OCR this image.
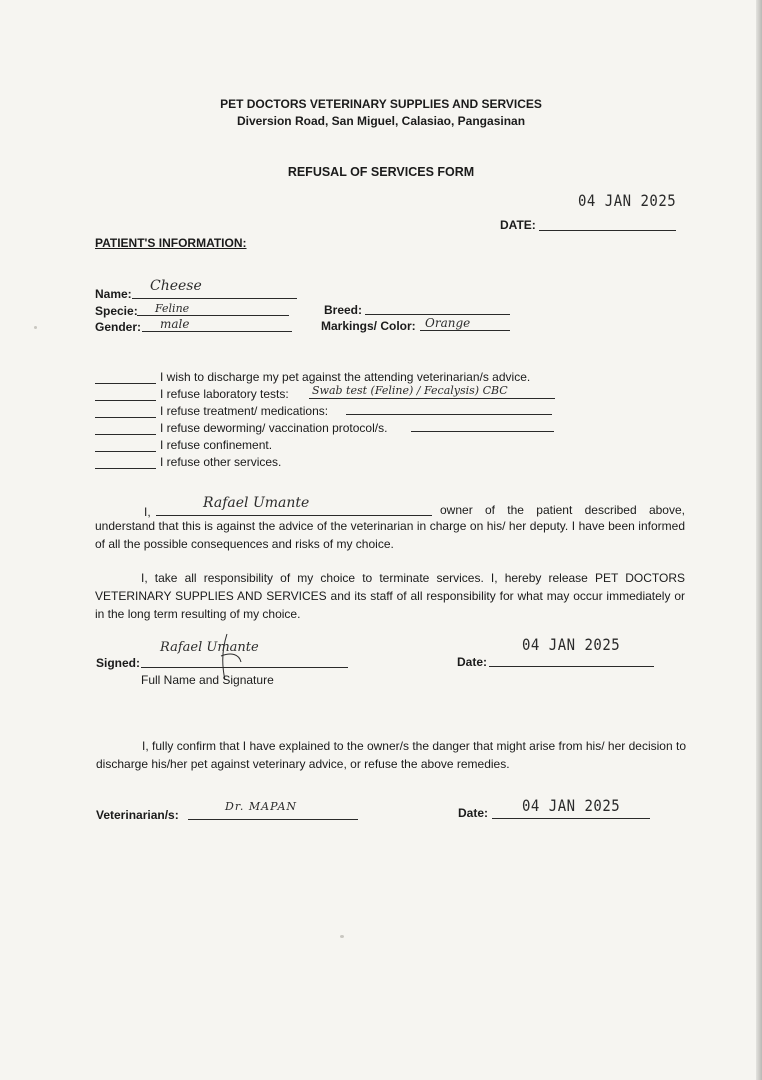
PET DOCTORS VETERINARY SUPPLIES AND SERVICES
Diversion Road, San Miguel, Calasiao, Pangasinan
REFUSAL OF SERVICES FORM
04 JAN 2025
DATE:
PATIENT'S INFORMATION:
Name: Cheese
Specie: Feline
Gender: male
Breed:
Markings/ Color: Orange
I wish to discharge my pet against the attending veterinarian/s advice.
I refuse laboratory tests: Swab test (Feline) / Fecalysis) CBC
I refuse treatment/ medications:
I refuse deworming/ vaccination protocol/s.
I refuse confinement.
I refuse other services.
I,
Rafael Umante	owner of the patient described above,
understand that this is against the advice of the veterinarian in charge on his/ her deputy. I have been informed of all the possible consequences and risks of my choice.
I, take all responsibility of my choice to terminate services. I, hereby release PET DOCTORS VETERINARY SUPPLIES AND SERVICES and its staff of all responsibility for what may occur immediately or in the long term resulting of my choice.
Rafael Umante
Signed:
Full Name and Signature
04 JAN 2025
Date:
I, fully confirm that I have explained to the owner/s the danger that might arise from his/ her decision to discharge his/her pet against veterinary advice, or refuse the above remedies.
Veterinarian/s:
Dr. MAPAN	04 JAN 2025
Date:
